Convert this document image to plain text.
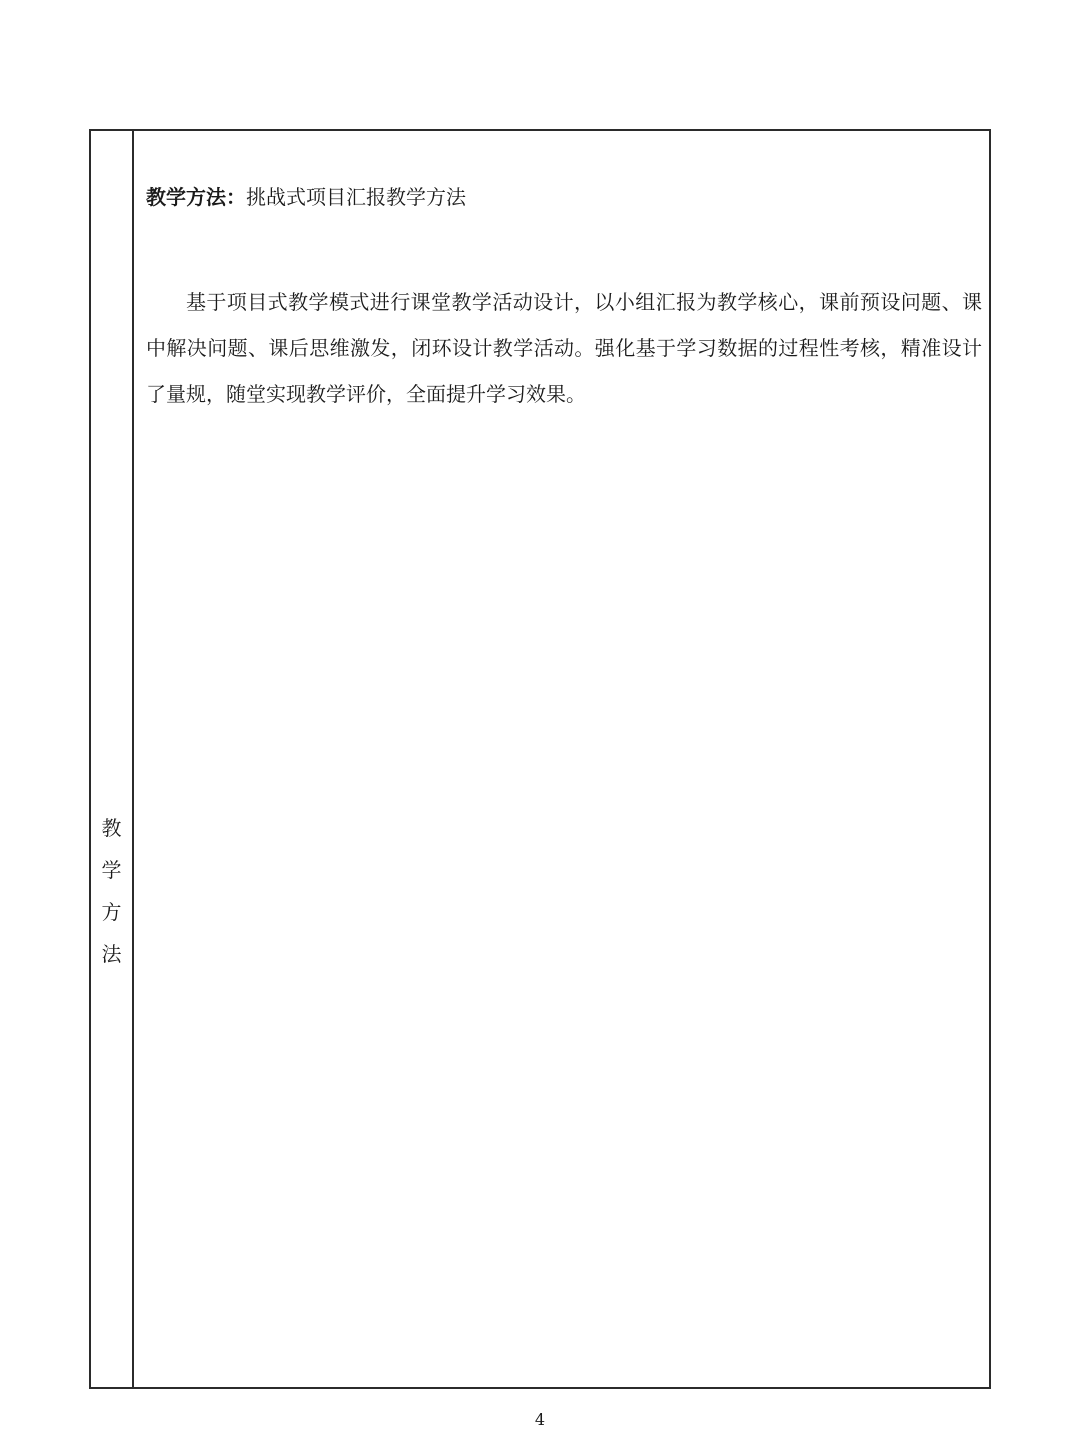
教
学
方
法
教学方法：挑战式项目汇报教学方法

基于项目式教学模式进行课堂教学活动设计，以小组汇报为教学核心，课前预设问题、课中解决问题、课后思维激发，闭环设计教学活动。强化基于学习数据的过程性考核，精准设计了量规，随堂实现教学评价，全面提升学习效果。

4
